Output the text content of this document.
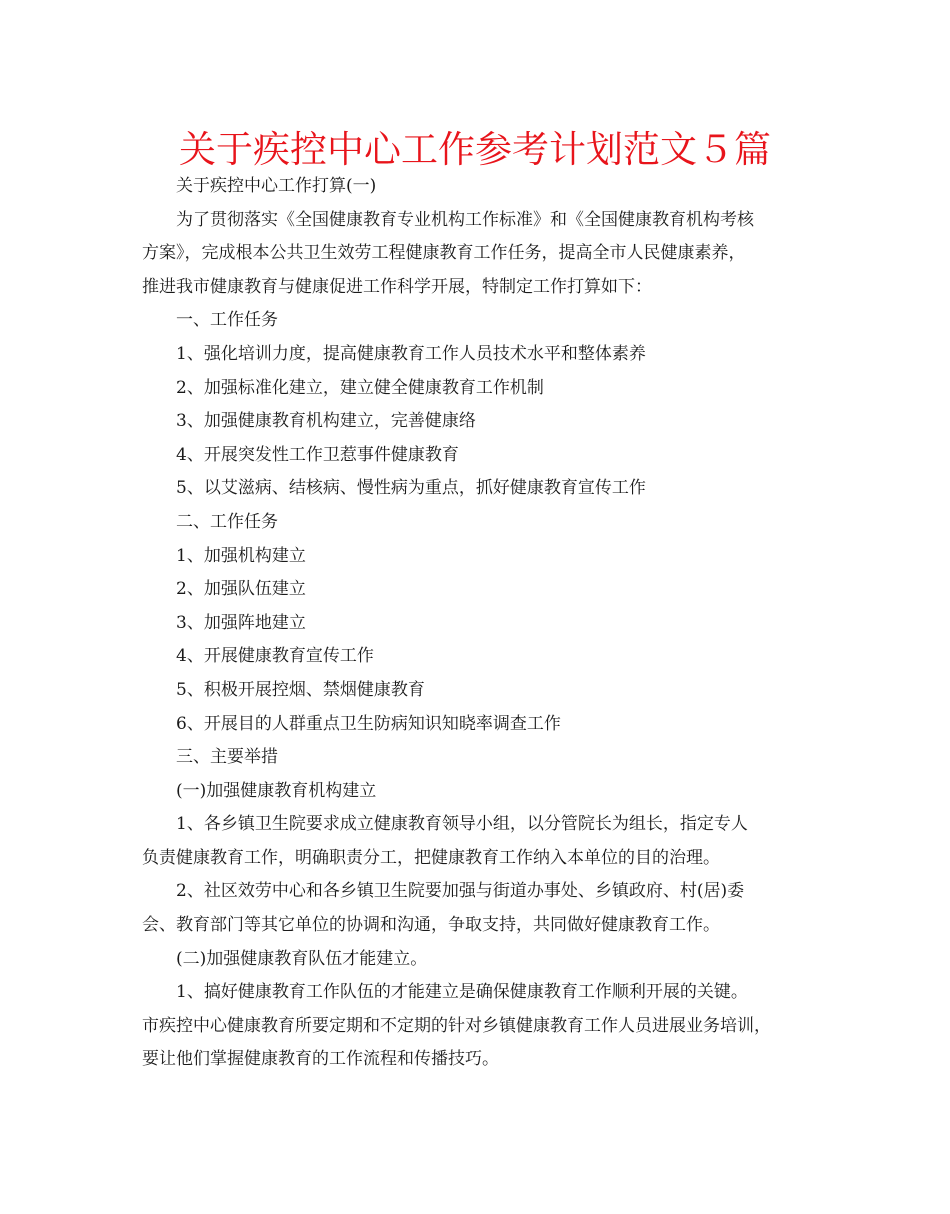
关于疾控中心工作参考计划范文５篇
关于疾控中心工作打算(一)
为了贯彻落实《全国健康教育专业机构工作标准》和《全国健康教育机构考核
方案》，完成根本公共卫生效劳工程健康教育工作任务，提高全市人民健康素养，
推进我市健康教育与健康促进工作科学开展，特制定工作打算如下：
一、工作任务
1、强化培训力度，提高健康教育工作人员技术水平和整体素养
2、加强标准化建立，建立健全健康教育工作机制
3、加强健康教育机构建立，完善健康络
4、开展突发性工作卫惹事件健康教育
5、以艾滋病、结核病、慢性病为重点，抓好健康教育宣传工作
二、工作任务
1、加强机构建立
2、加强队伍建立
3、加强阵地建立
4、开展健康教育宣传工作
5、积极开展控烟、禁烟健康教育
6、开展目的人群重点卫生防病知识知晓率调查工作
三、主要举措
(一)加强健康教育机构建立
1、各乡镇卫生院要求成立健康教育领导小组，以分管院长为组长，指定专人
负责健康教育工作，明确职责分工，把健康教育工作纳入本单位的目的治理。
2、社区效劳中心和各乡镇卫生院要加强与街道办事处、乡镇政府、村(居)委
会、教育部门等其它单位的协调和沟通，争取支持，共同做好健康教育工作。
(二)加强健康教育队伍才能建立。
1、搞好健康教育工作队伍的才能建立是确保健康教育工作顺利开展的关键。
市疾控中心健康教育所要定期和不定期的针对乡镇健康教育工作人员进展业务培训，
要让他们掌握健康教育的工作流程和传播技巧。
